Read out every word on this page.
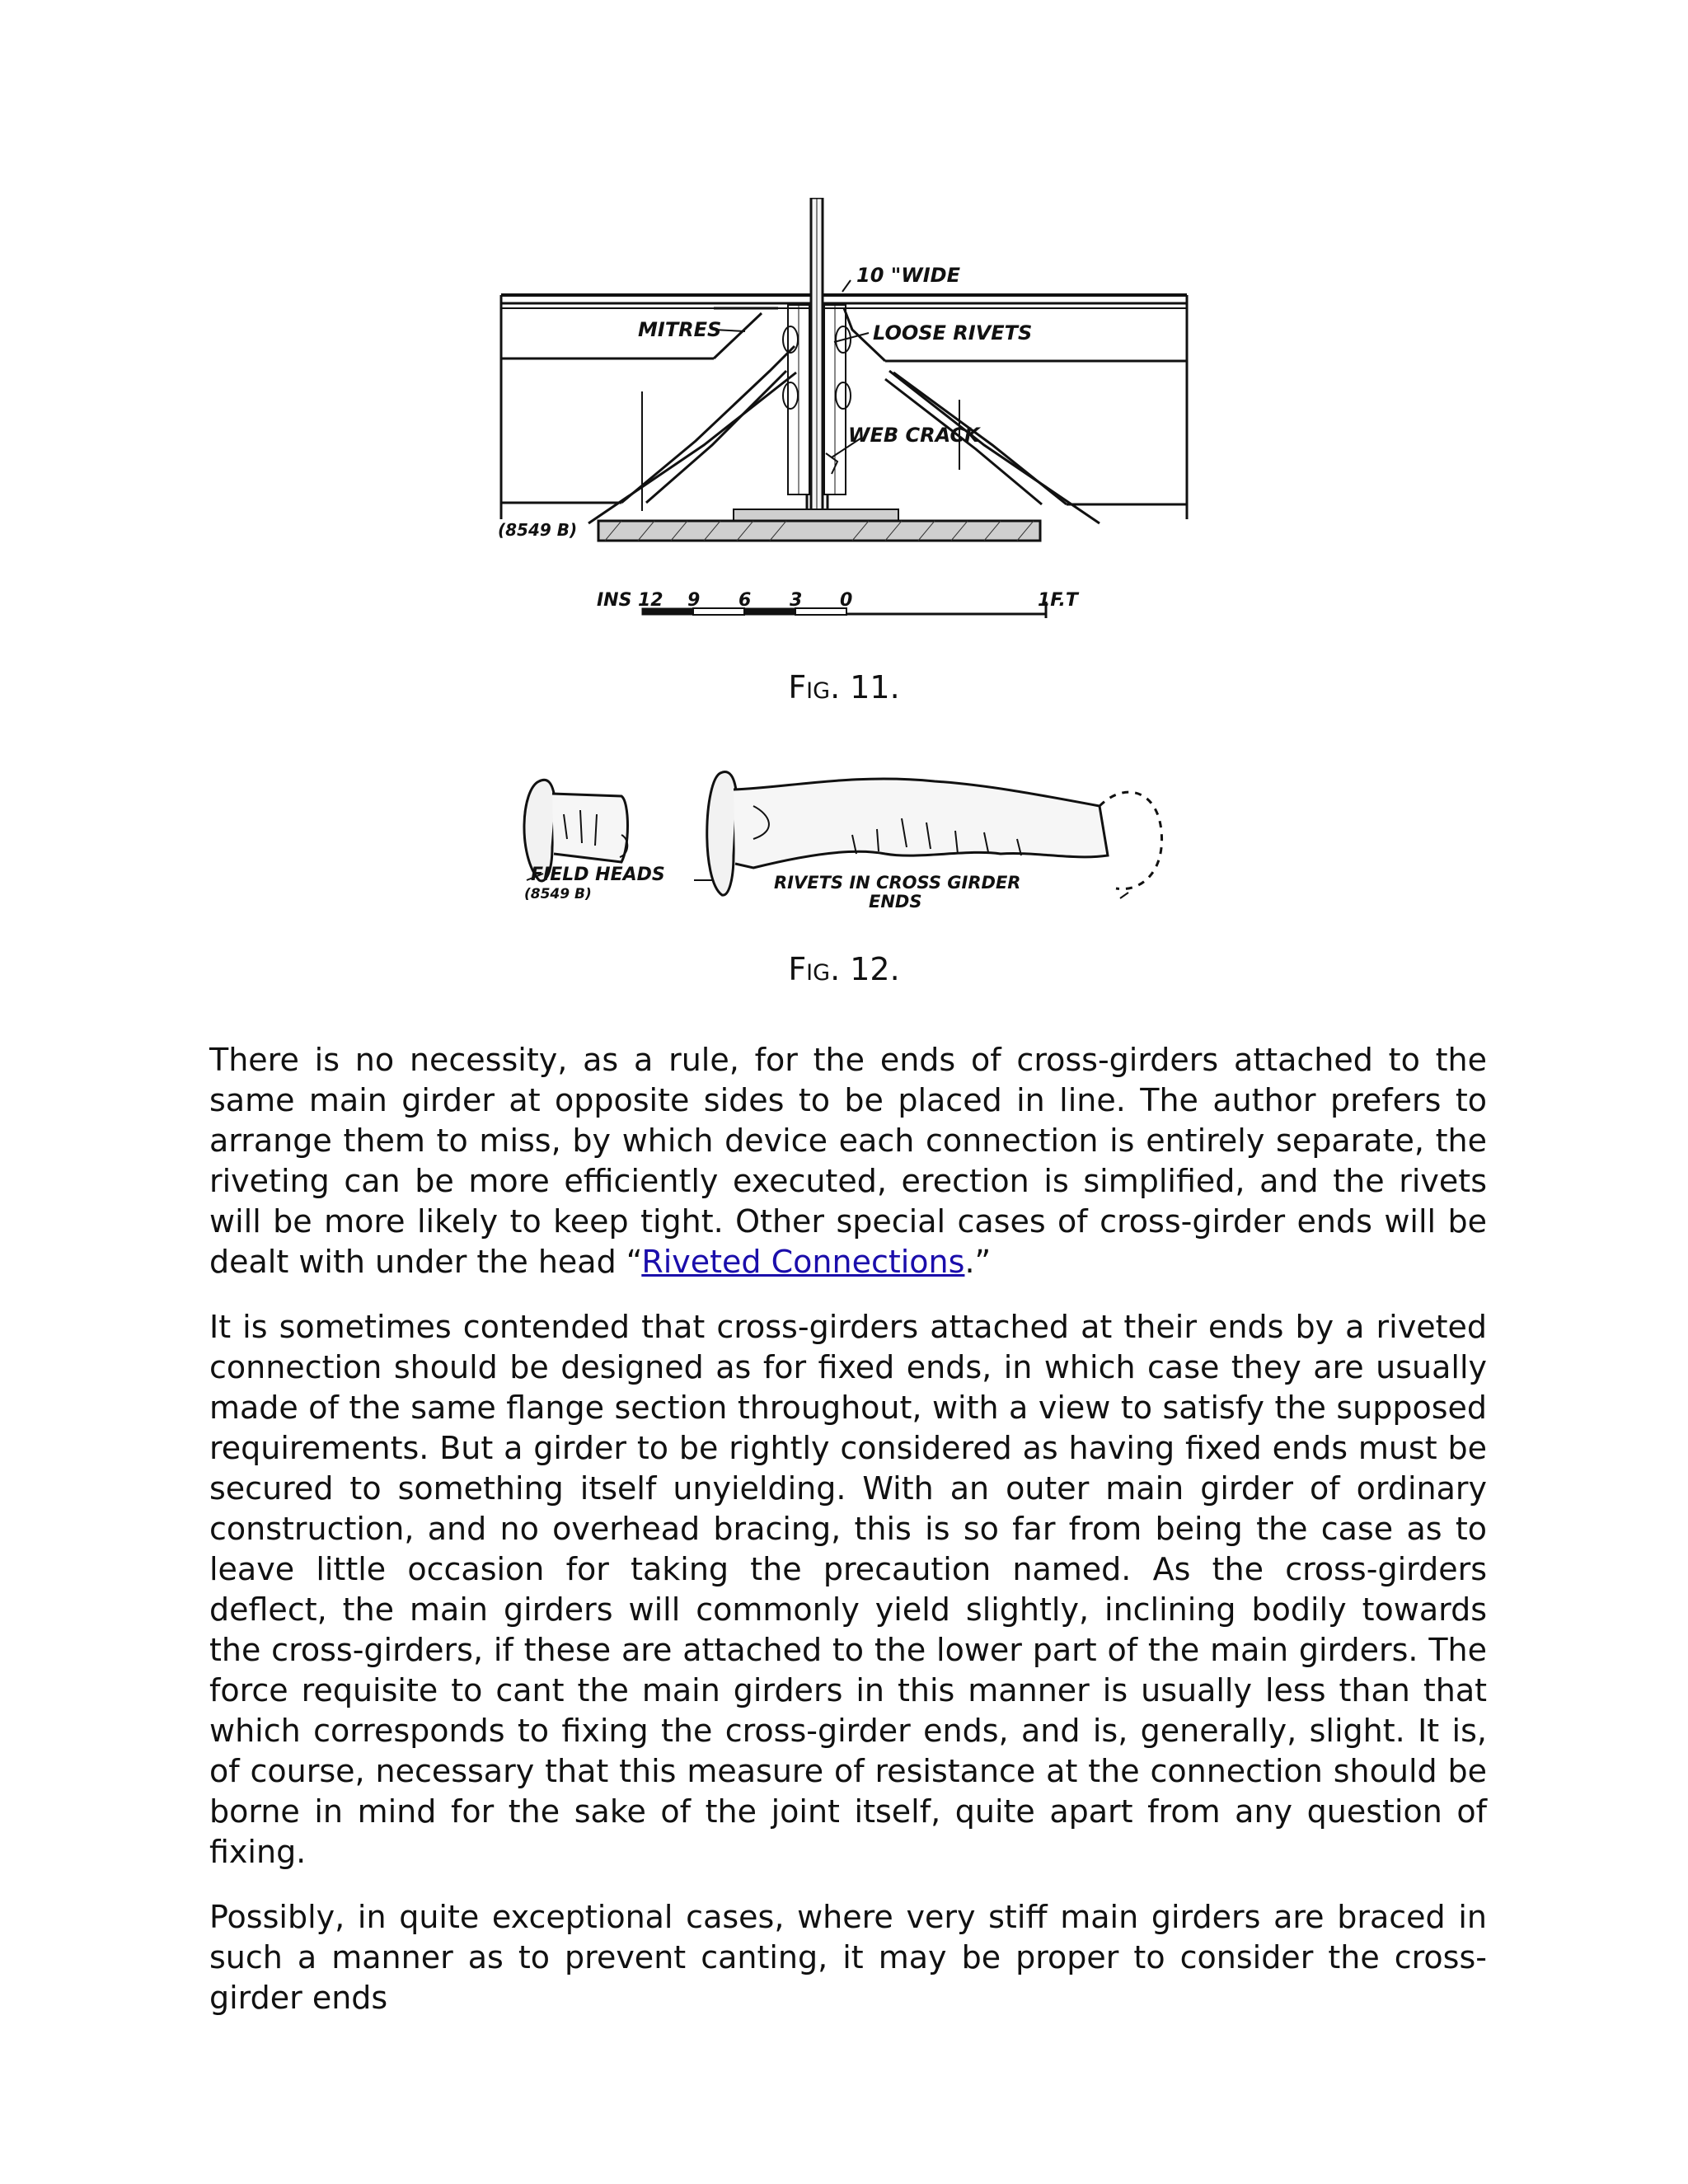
10 "WIDE
MITRES	LOOSE RIVETS
WEB CRACK
(8549 B)
INS 12 9 6 3 0	1F.T
Fig. 11.
FIELD HEADS
(8549 B)
RIVETS IN CROSS GIRDER
ENDS
Fig. 12.

There is no necessity, as a rule, for the ends of cross-girders attached to the same main girder at opposite sides to be placed in line. The author prefers to arrange them to miss, by which device each connection is entirely separate, the riveting can be more efficiently executed, erection is simplified, and the rivets will be more likely to keep tight. Other special cases of cross-girder ends will be dealt with under the head “Riveted Connections.”

It is sometimes contended that cross-girders attached at their ends by a riveted connection should be designed as for fixed ends, in which case they are usually made of the same flange section throughout, with a view to satisfy the supposed requirements. But a girder to be rightly considered as having fixed ends must be secured to something itself unyielding. With an outer main girder of ordinary construction, and no overhead bracing, this is so far from being the case as to leave little occasion for taking the precaution named. As the cross-girders deflect, the main girders will commonly yield slightly, inclining bodily towards the cross-girders, if these are attached to the lower part of the main girders. The force requisite to cant the main girders in this manner is usually less than that which corresponds to fixing the cross-girder ends, and is, generally, slight. It is, of course, necessary that this measure of resistance at the connection should be borne in mind for the sake of the joint itself, quite apart from any question of fixing.

Possibly, in quite exceptional cases, where very stiff main girders are braced in such a manner as to prevent canting, it may be proper to consider the cross-girder ends
